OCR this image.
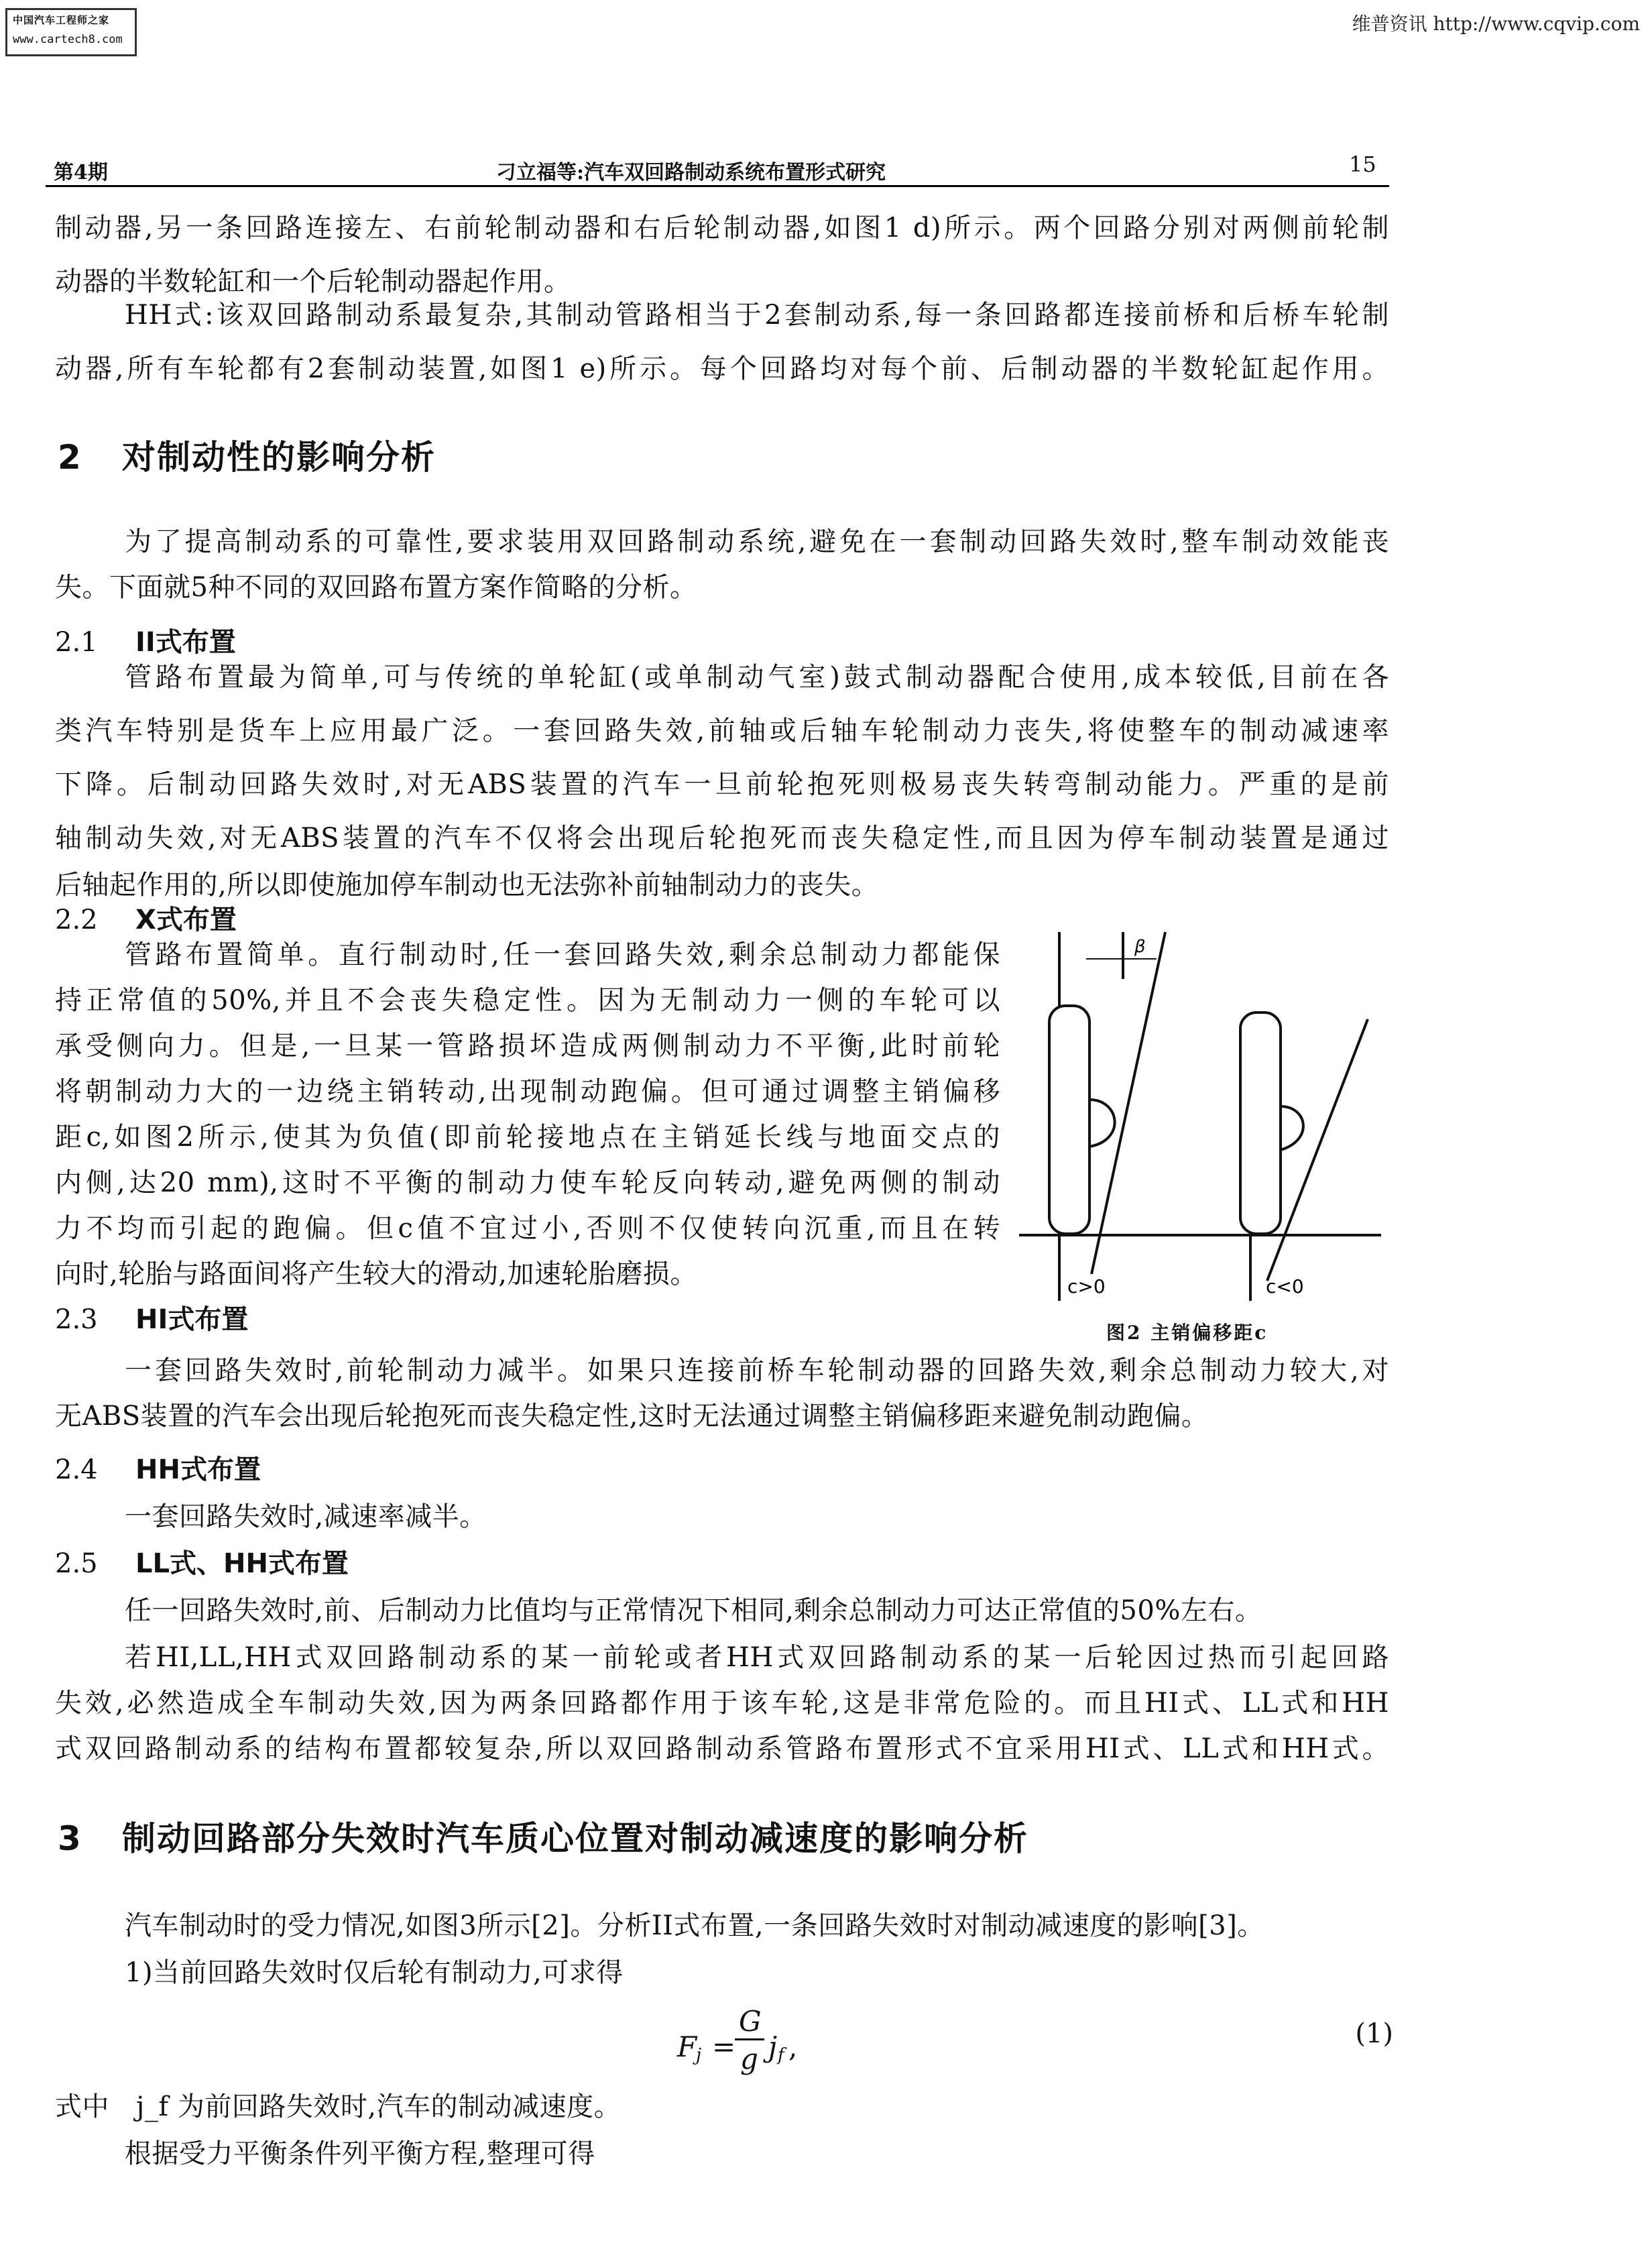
中国汽车工程师之家
www.cartech8.com
维普资讯 http://www.cqvip.com
第4期	刁立福等:汽车双回路制动系统布置形式研究	15
制动器,另一条回路连接左、右前轮制动器和右后轮制动器,如图1 d)所示。两个回路分别对两侧前轮制
动器的半数轮缸和一个后轮制动器起作用。
HH式:该双回路制动系最复杂,其制动管路相当于2套制动系,每一条回路都连接前桥和后桥车轮制
动器,所有车轮都有2套制动装置,如图1 e)所示。每个回路均对每个前、后制动器的半数轮缸起作用。
2 对制动性的影响分析
为了提高制动系的可靠性,要求装用双回路制动系统,避免在一套制动回路失效时,整车制动效能丧
失。下面就5种不同的双回路布置方案作简略的分析。
2.1 II式布置
管路布置最为简单,可与传统的单轮缸(或单制动气室)鼓式制动器配合使用,成本较低,目前在各
类汽车特别是货车上应用最广泛。一套回路失效,前轴或后轴车轮制动力丧失,将使整车的制动减速率
下降。后制动回路失效时,对无ABS装置的汽车一旦前轮抱死则极易丧失转弯制动能力。严重的是前
轴制动失效,对无ABS装置的汽车不仅将会出现后轮抱死而丧失稳定性,而且因为停车制动装置是通过
后轴起作用的,所以即使施加停车制动也无法弥补前轴制动力的丧失。
2.2 X式布置
管路布置简单。直行制动时,任一套回路失效,剩余总制动力都能保
持正常值的50%,并且不会丧失稳定性。因为无制动力一侧的车轮可以
承受侧向力。但是,一旦某一管路损坏造成两侧制动力不平衡,此时前轮
将朝制动力大的一边绕主销转动,出现制动跑偏。但可通过调整主销偏移
距c,如图2所示,使其为负值(即前轮接地点在主销延长线与地面交点的
内侧,达20 mm),这时不平衡的制动力使车轮反向转动,避免两侧的制动
力不均而引起的跑偏。但c值不宜过小,否则不仅使转向沉重,而且在转
向时,轮胎与路面间将产生较大的滑动,加速轮胎磨损。
β
c>0	c<0
图2 主销偏移距c
2.3 HI式布置
一套回路失效时,前轮制动力减半。如果只连接前桥车轮制动器的回路失效,剩余总制动力较大,对
无ABS装置的汽车会出现后轮抱死而丧失稳定性,这时无法通过调整主销偏移距来避免制动跑偏。
2.4 HH式布置
一套回路失效时,减速率减半。
2.5 LL式、HH式布置
任一回路失效时,前、后制动力比值均与正常情况下相同,剩余总制动力可达正常值的50%左右。
若HI,LL,HH式双回路制动系的某一前轮或者HH式双回路制动系的某一后轮因过热而引起回路
失效,必然造成全车制动失效,因为两条回路都作用于该车轮,这是非常危险的。而且HI式、LL式和HH
式双回路制动系的结构布置都较复杂,所以双回路制动系管路布置形式不宜采用HI式、LL式和HH式。
3 制动回路部分失效时汽车质心位置对制动减速度的影响分析
汽车制动时的受力情况,如图3所示[2]。分析II式布置,一条回路失效时对制动减速度的影响[3]。
1)当前回路失效时仅后轮有制动力,可求得
F
j =
G
g j f ,	(1)
式中 j_f 为前回路失效时,汽车的制动减速度。
根据受力平衡条件列平衡方程,整理可得
